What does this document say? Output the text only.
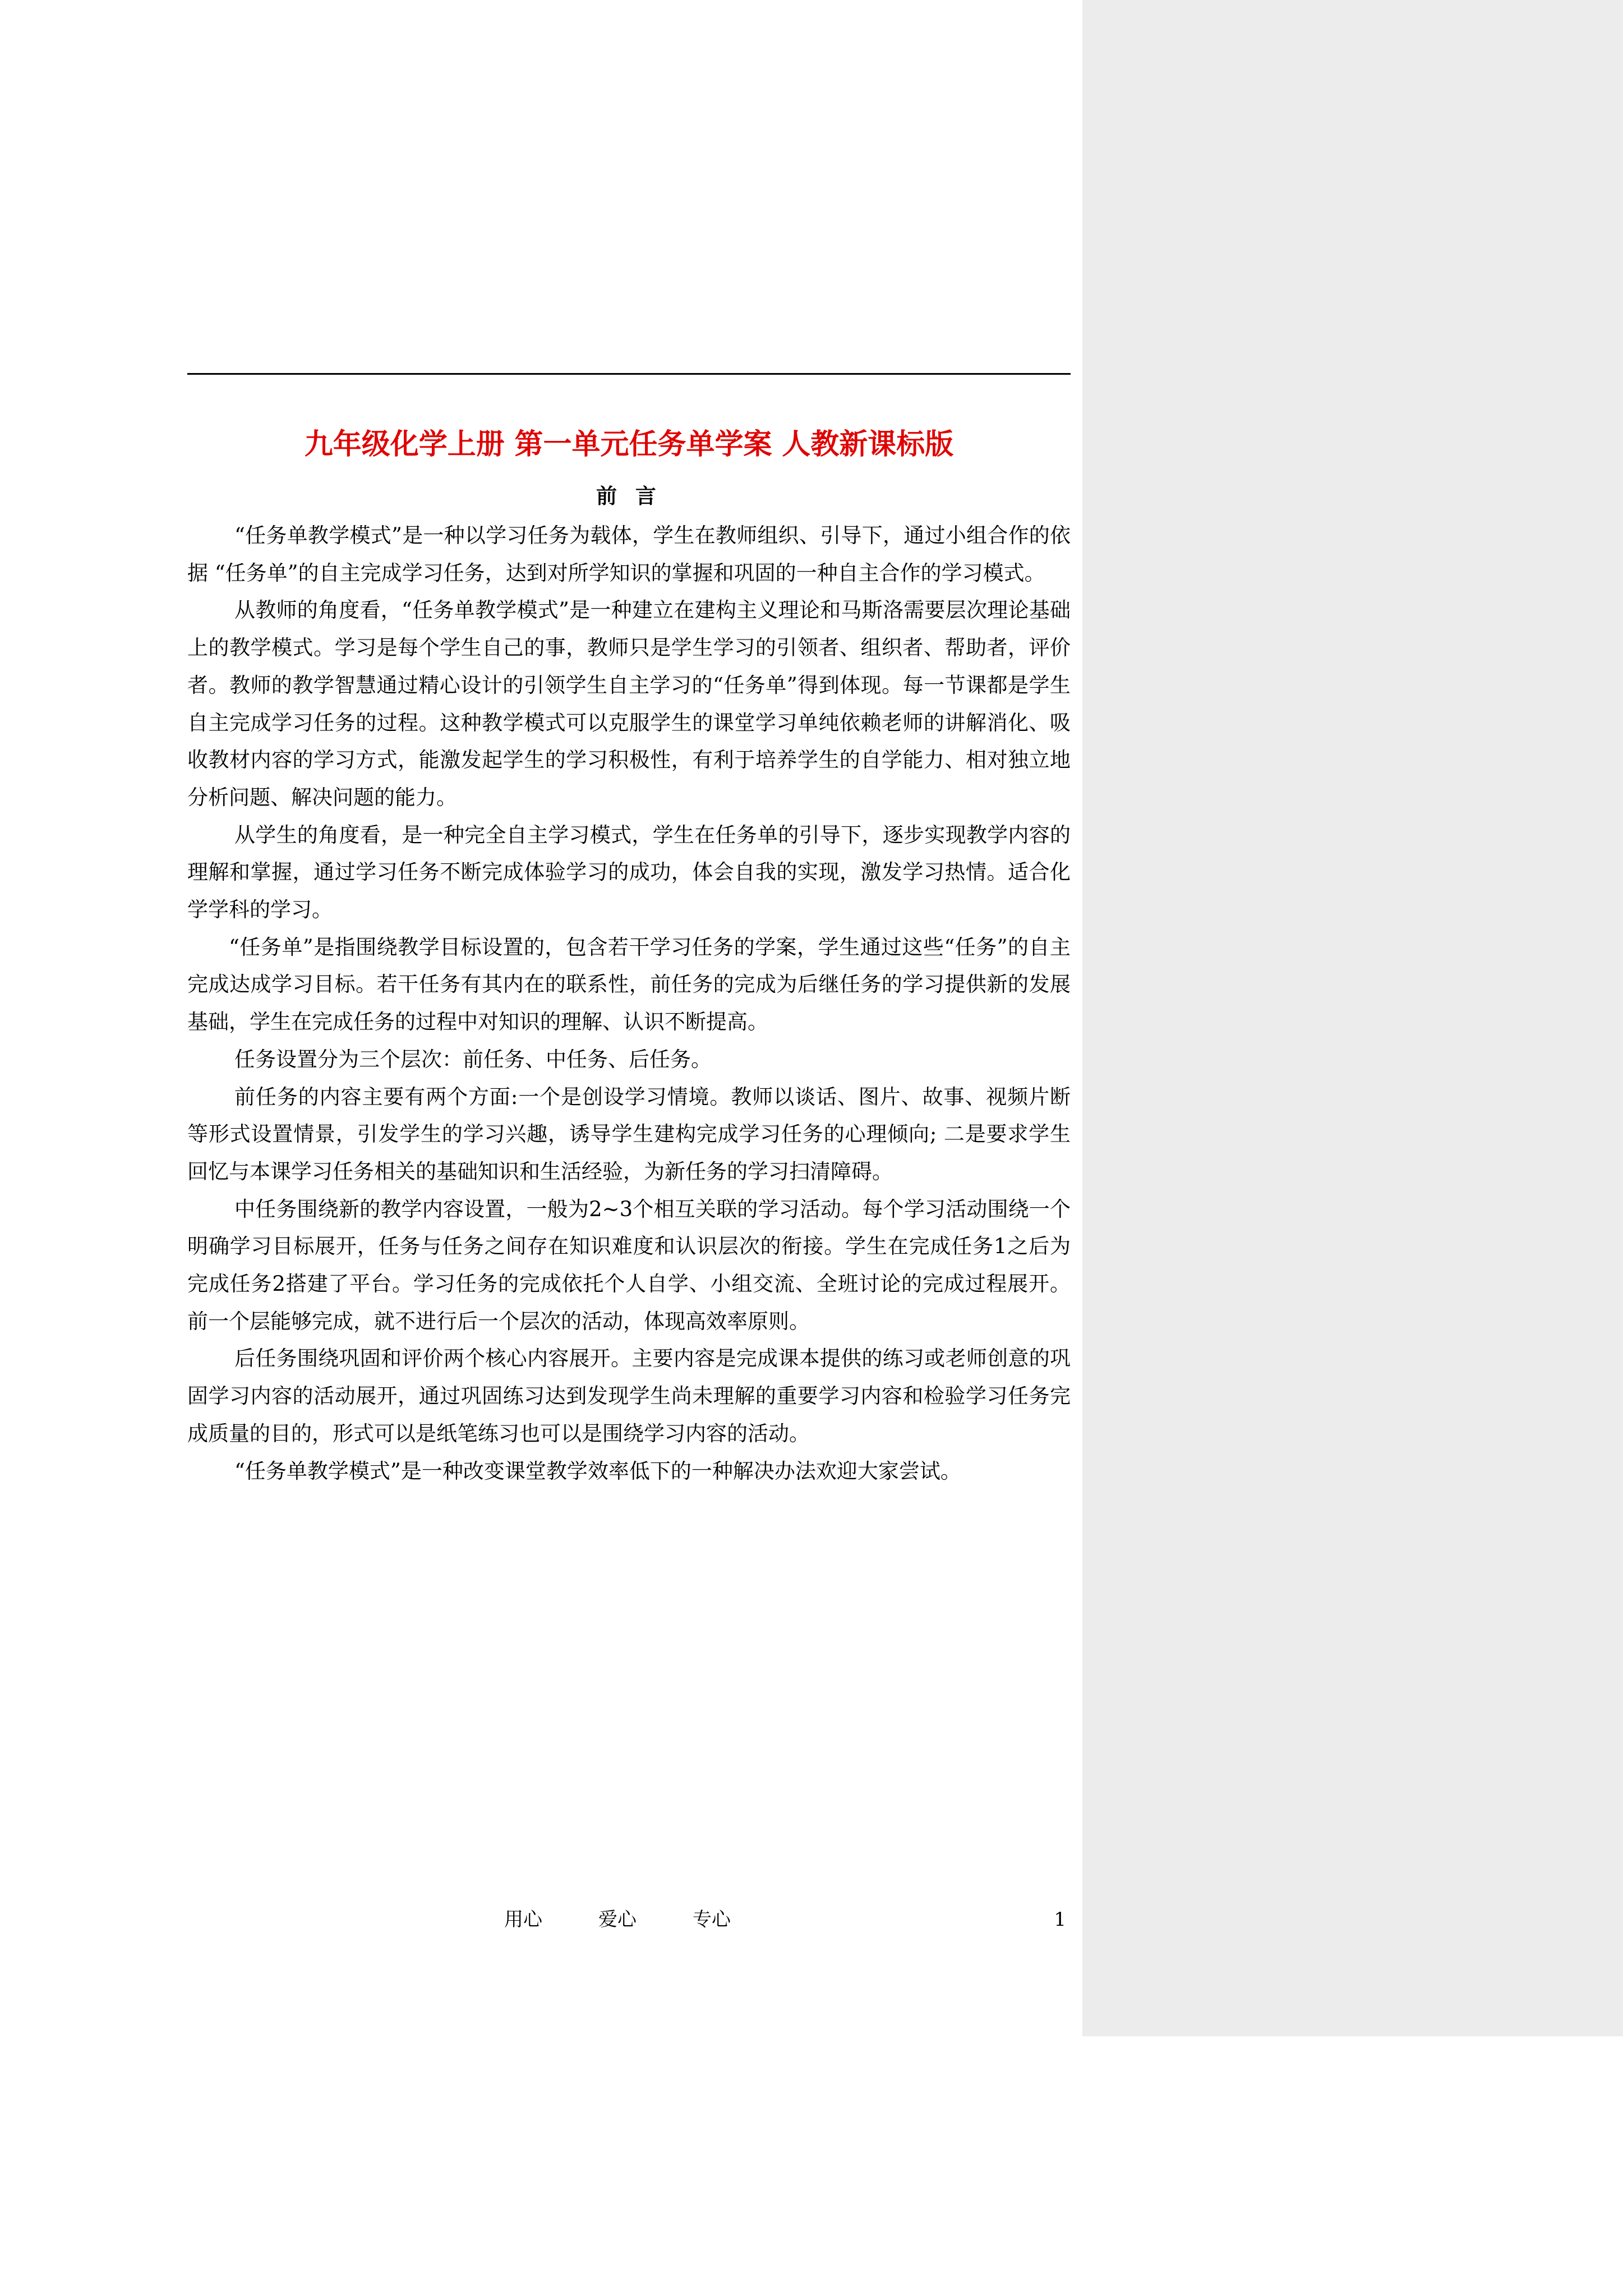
九年级化学上册 第一单元任务单学案 人教新课标版
前 言

“任务单教学模式”是一种以学习任务为载体，学生在教师组织、引导下，通过小组合作的依据 “任务单”的自主完成学习任务，达到对所学知识的掌握和巩固的一种自主合作的学习模式。

从教师的角度看，“任务单教学模式”是一种建立在建构主义理论和马斯洛需要层次理论基础上的教学模式。学习是每个学生自己的事，教师只是学生学习的引领者、组织者、帮助者，评价者。教师的教学智慧通过精心设计的引领学生自主学习的“任务单”得到体现。每一节课都是学生自主完成学习任务的过程。这种教学模式可以克服学生的课堂学习单纯依赖老师的讲解消化、吸收教材内容的学习方式，能激发起学生的学习积极性，有利于培养学生的自学能力、相对独立地分析问题、解决问题的能力。

从学生的角度看，是一种完全自主学习模式，学生在任务单的引导下，逐步实现教学内容的理解和掌握，通过学习任务不断完成体验学习的成功，体会自我的实现，激发学习热情。适合化学学科的学习。

“任务单”是指围绕教学目标设置的，包含若干学习任务的学案，学生通过这些“任务”的自主完成达成学习目标。若干任务有其内在的联系性，前任务的完成为后继任务的学习提供新的发展基础，学生在完成任务的过程中对知识的理解、认识不断提高。

任务设置分为三个层次：前任务、中任务、后任务。

前任务的内容主要有两个方面:一个是创设学习情境。教师以谈话、图片、故事、视频片断等形式设置情景，引发学生的学习兴趣，诱导学生建构完成学习任务的心理倾向; 二是要求学生回忆与本课学习任务相关的基础知识和生活经验，为新任务的学习扫清障碍。

中任务围绕新的教学内容设置，一般为2~3个相互关联的学习活动。每个学习活动围绕一个明确学习目标展开，任务与任务之间存在知识难度和认识层次的衔接。学生在完成任务1之后为完成任务2搭建了平台。学习任务的完成依托个人自学、小组交流、全班讨论的完成过程展开。前一个层能够完成，就不进行后一个层次的活动，体现高效率原则。

后任务围绕巩固和评价两个核心内容展开。主要内容是完成课本提供的练习或老师创意的巩固学习内容的活动展开，通过巩固练习达到发现学生尚未理解的重要学习内容和检验学习任务完成质量的目的，形式可以是纸笔练习也可以是围绕学习内容的活动。

“任务单教学模式”是一种改变课堂教学效率低下的一种解决办法欢迎大家尝试。

用心	爱心	专心	1
